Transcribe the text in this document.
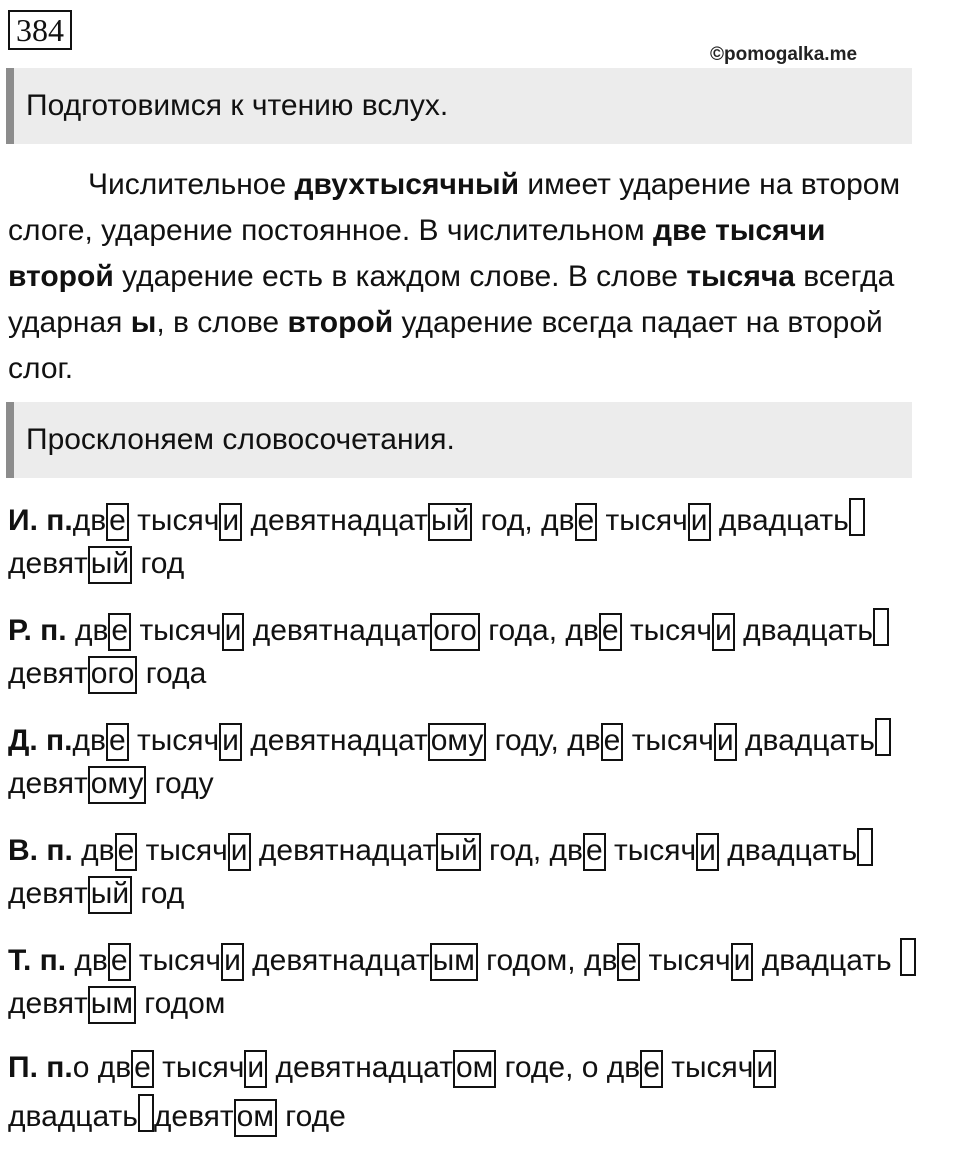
384
©pomogalka.me
Подготовимся к чтению вслух.

Числительное двухтысячный имеет ударение на втором слоге, ударение постоянное. В числительном две тысячи второй ударение есть в каждом слове. В слове тысяча всегда ударная ы, в слове второй ударение всегда падает на второй слог.

Просклоняем словосочетания.

И. п.дв е тысяч и девятнадцат ый год, дв е тысяч и двадцать

девят ый год

Р. п. дв е тысяч и девятнадцат ого года, дв е тысяч и двадцать

девят ого года

Д. п.дв е тысяч и девятнадцат ому году, дв е тысяч и двадцать

девят ому году

В. п. дв е тысяч и девятнадцат ый год, дв е тысяч и двадцать

девят ый год

Т. п. дв е тысяч и девятнадцат ым годом, дв е тысяч и двадцать

девят ым годом

П. п.о дв е тысяч и девятнадцат ом годе, о дв е тысяч и

двадцать девят ом годе
